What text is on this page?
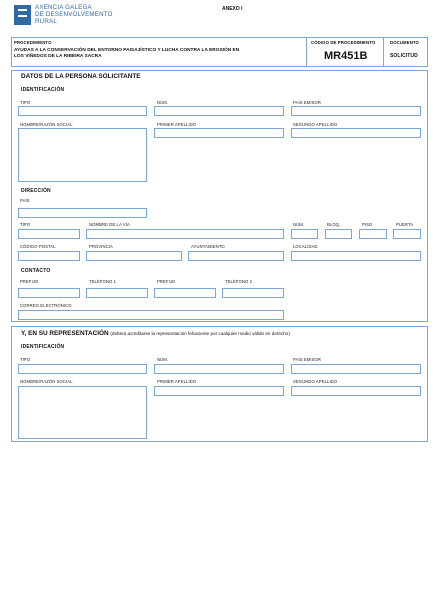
AXENCIA GALEGA
DE DESENVOLVEMENTO
RURAL
ANEXO I
PROCEDIMIENTO
AYUDAS A LA CONSERVACIÓN DEL ENTORNO PAISAJÍSTICO Y LUCHA CONTRA LA EROSIÓN EN
LOS VIÑEDOS DE LA RIBEIRA SACRA
CÓDIGO DE PROCEDIMIENTO
MR451B
DOCUMENTO
SOLICITUD
DATOS DE LA PERSONA SOLICITANTE
IDENTIFICACIÓN
TIPO	NÚM.	PAÍS EMISOR
NOMBRE/RAZÓN SOCIAL	PRIMER APELLIDO	SEGUNDO APELLIDO
DIRECCIÓN
PAÍS
TIPO	NOMBRE DE LA VÍA	NÚM.	BLOQ.	PISO	PUERTA
CÓDIGO POSTAL	PROVINCIA	AYUNTAMIENTO	LOCALIDAD
CONTACTO
PREFIJO	TELÉFONO 1	PREFIJO	TELÉFONO 2
CORREO ELECTRÓNICO
Y, EN SU REPRESENTACIÓN (deberá acreditarse la representación fehaciente por cualquier medio válido en derecho)
IDENTIFICACIÓN
TIPO	NÚM.	PAÍS EMISOR
NOMBRE/RAZÓN SOCIAL	PRIMER APELLIDO	SEGUNDO APELLIDO
